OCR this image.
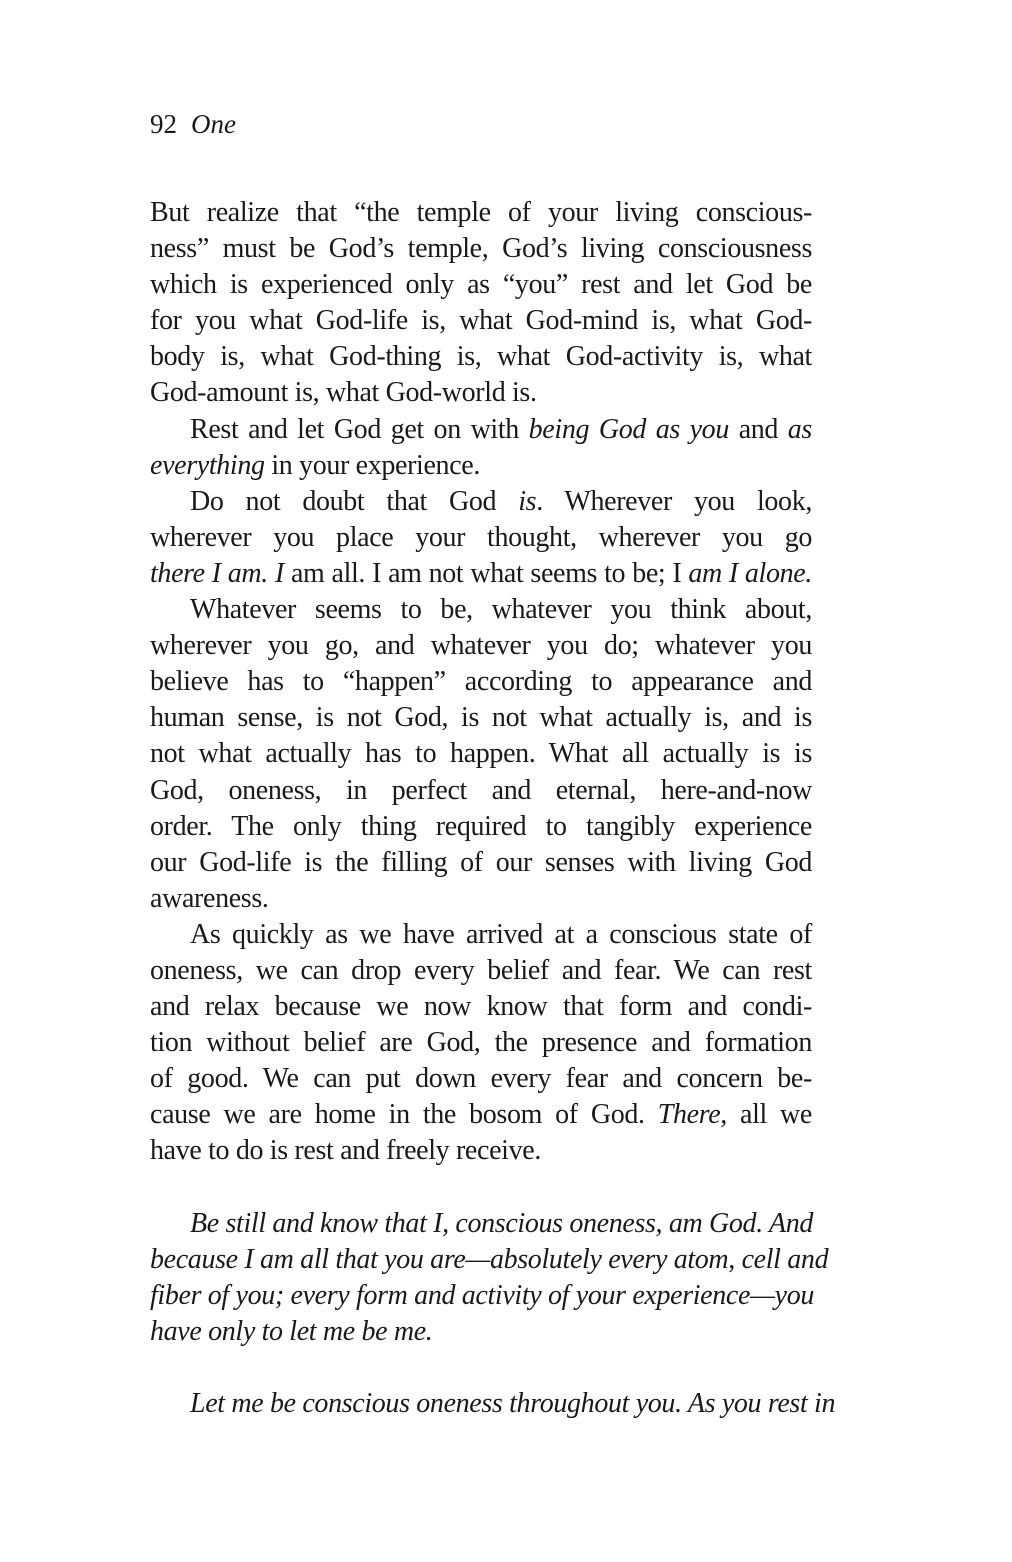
92 One
But realize that “the temple of your living conscious-
ness” must be God’s temple, God’s living consciousness
which is experienced only as “you” rest and let God be
for you what God-life is, what God-mind is, what God-
body is, what God-thing is, what God-activity is, what
God-amount is, what God-world is.
Rest and let God get on with being God as you and as
everything in your experience.
Do not doubt that God is. Wherever you look,
wherever you place your thought, wherever you go
there I am. I am all. I am not what seems to be; I am I alone.
Whatever seems to be, whatever you think about,
wherever you go, and whatever you do; whatever you
believe has to “happen” according to appearance and
human sense, is not God, is not what actually is, and is
not what actually has to happen. What all actually is is
God, oneness, in perfect and eternal, here-and-now
order. The only thing required to tangibly experience
our God-life is the filling of our senses with living God
awareness.
As quickly as we have arrived at a conscious state of
oneness, we can drop every belief and fear. We can rest
and relax because we now know that form and condi-
tion without belief are God, the presence and formation
of good. We can put down every fear and concern be-
cause we are home in the bosom of God. There, all we
have to do is rest and freely receive.
Be still and know that I, conscious oneness, am God. And
because I am all that you are—absolutely every atom, cell and
fiber of you; every form and activity of your experience—you
have only to let me be me.
Let me be conscious oneness throughout you. As you rest in
